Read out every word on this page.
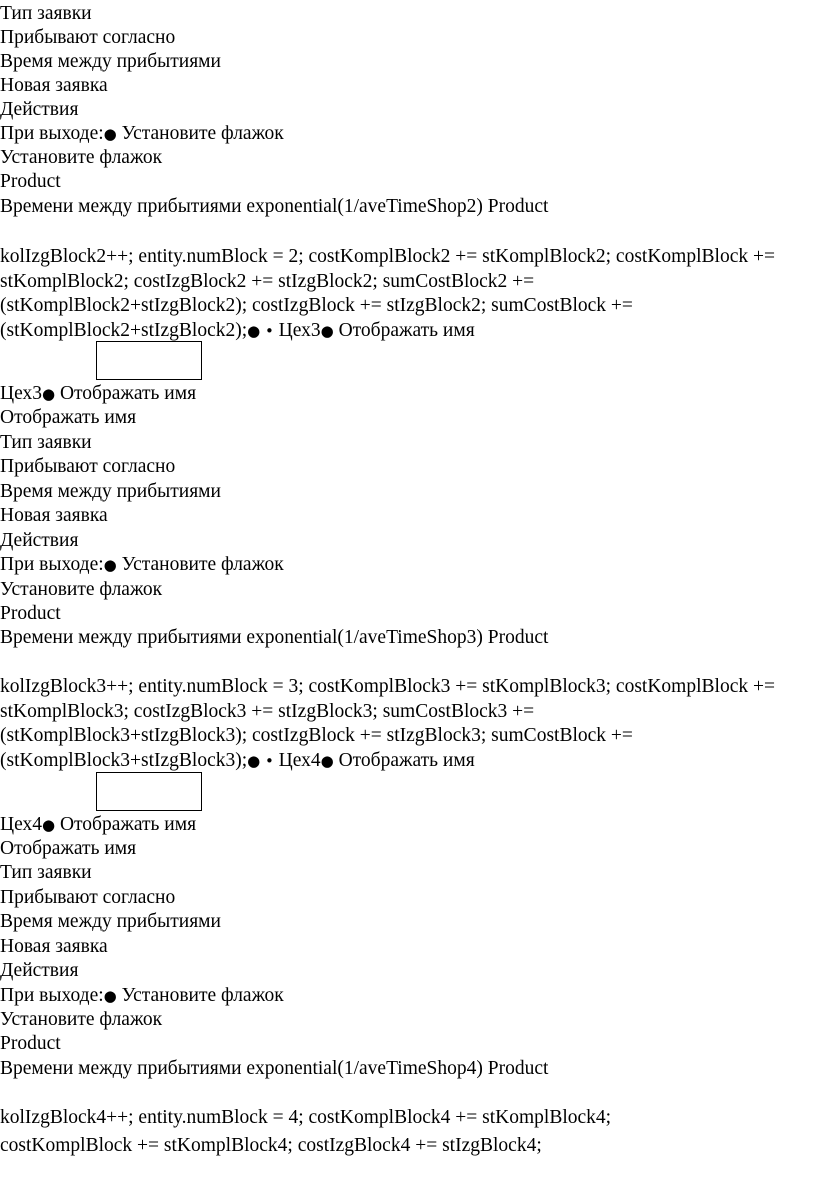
Тип заявки
Прибывают согласно
Время между прибытиями
Новая заявка
Действия
При выходе:● Установите флажок
Установите флажок
Product
Времени между прибытиями exponential(1/aveTimeShop2) Product
kolIzgBlock2++; entity.numBlock = 2; costKomplBlock2 += stKomplBlock2; costKomplBlock += stKomplBlock2; costIzgBlock2 += stIzgBlock2; sumCostBlock2 += (stKomplBlock2+stIzgBlock2); costIzgBlock += stIzgBlock2; sumCostBlock += (stKomplBlock2+stIzgBlock2);● • Цех3● Отображать имя
Цех3● Отображать имя
Отображать имя
Тип заявки
Прибывают согласно
Время между прибытиями
Новая заявка
Действия
При выходе:● Установите флажок
Установите флажок
Product
Времени между прибытиями exponential(1/aveTimeShop3) Product
kolIzgBlock3++; entity.numBlock = 3; costKomplBlock3 += stKomplBlock3; costKomplBlock += stKomplBlock3; costIzgBlock3 += stIzgBlock3; sumCostBlock3 += (stKomplBlock3+stIzgBlock3); costIzgBlock += stIzgBlock3; sumCostBlock += (stKomplBlock3+stIzgBlock3);● • Цех4● Отображать имя
Цех4● Отображать имя
Отображать имя
Тип заявки
Прибывают согласно
Время между прибытиями
Новая заявка
Действия
При выходе:● Установите флажок
Установите флажок
Product
Времени между прибытиями exponential(1/aveTimeShop4) Product
kolIzgBlock4++; entity.numBlock = 4; costKomplBlock4 += stKomplBlock4;
costKomplBlock += stKomplBlock4; costIzgBlock4 += stIzgBlock4;
